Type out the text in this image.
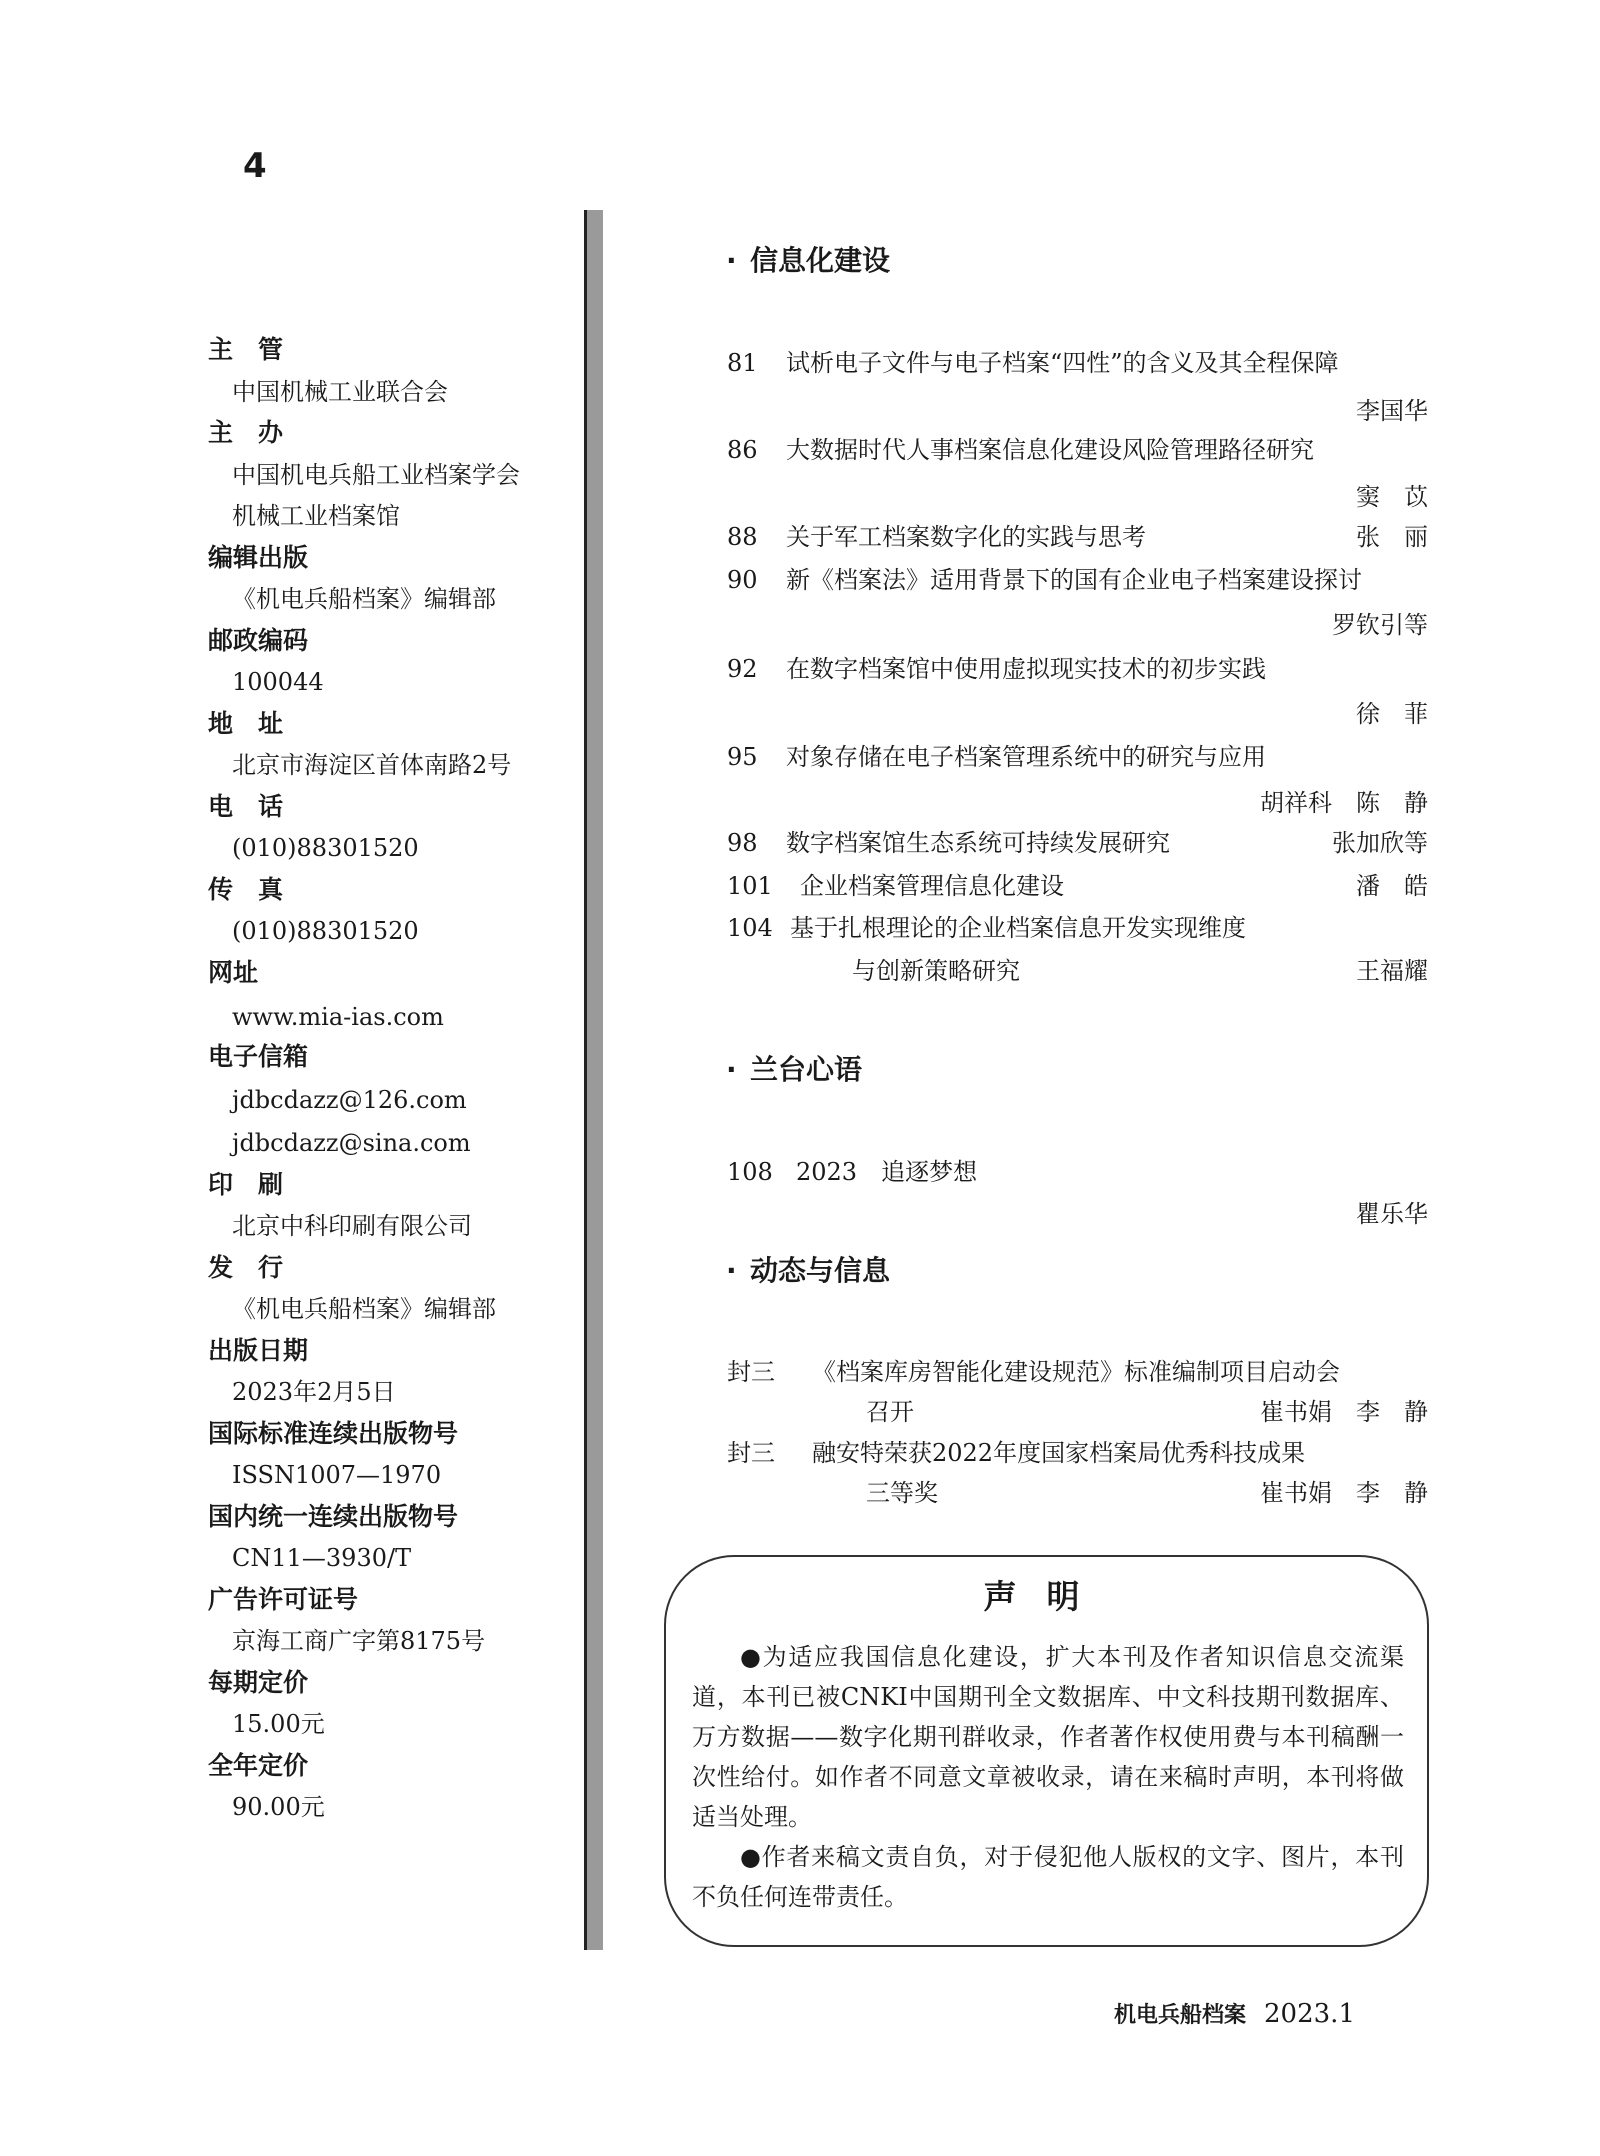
4
主　管
中国机械工业联合会
主　办
中国机电兵船工业档案学会
机械工业档案馆
编辑出版
《机电兵船档案》编辑部
邮政编码
100044
地　址
北京市海淀区首体南路2号
电　话
(010)88301520
传　真
(010)88301520
网址
www.mia-ias.com
电子信箱
jdbcdazz@126.com
jdbcdazz@sina.com
印　刷
北京中科印刷有限公司
发　行
《机电兵船档案》编辑部
出版日期
2023年2月5日
国际标准连续出版物号
ISSN1007—1970
国内统一连续出版物号
CN11—3930/T
广告许可证号
京海工商广字第8175号
每期定价
15.00元
全年定价
90.00元
· 信息化建设
81 试析电子文件与电子档案“四性”的含义及其全程保障
李国华
86 大数据时代人事档案信息化建设风险管理路径研究
窦　苡
88 关于军工档案数字化的实践与思考	张　丽
90 新《档案法》适用背景下的国有企业电子档案建设探讨
罗钦引等
92 在数字档案馆中使用虚拟现实技术的初步实践
徐　菲
95 对象存储在电子档案管理系统中的研究与应用
胡祥科　陈　静
98 数字档案馆生态系统可持续发展研究	张加欣等
101 企业档案管理信息化建设	潘　皓
104 基于扎根理论的企业档案信息开发实现维度
与创新策略研究	王福耀
· 兰台心语
108 2023　追逐梦想
瞿乐华
· 动态与信息
封三 《档案库房智能化建设规范》标准编制项目启动会
召开	崔书娟　李　静
封三 融安特荣获2022年度国家档案局优秀科技成果
三等奖	崔书娟　李　静
声明
●为适应我国信息化建设，扩大本刊及作者知识信息交流渠道，本刊已被CNKI中国期刊全文数据库、中文科技期刊数据库、万方数据——数字化期刊群收录，作者著作权使用费与本刊稿酬一次性给付。如作者不同意文章被收录，请在来稿时声明，本刊将做适当处理。
●作者来稿文责自负，对于侵犯他人版权的文字、图片，本刊不负任何连带责任。
机电兵船档案 2023.1
